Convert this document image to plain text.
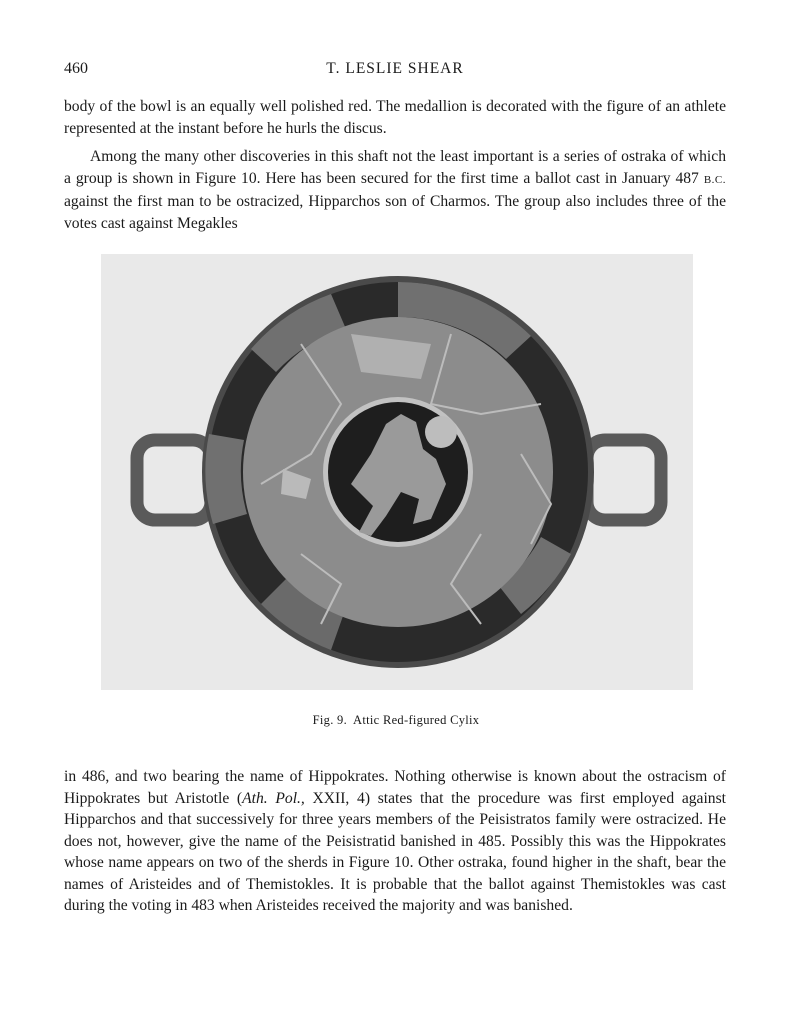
460	T. LESLIE SHEAR

body of the bowl is an equally well polished red. The medallion is decorated with the figure of an athlete represented at the instant before he hurls the discus.

Among the many other discoveries in this shaft not the least important is a series of ostraka of which a group is shown in Figure 10. Here has been secured for the first time a ballot cast in January 487 B.C. against the first man to be ostracized, Hipparchos son of Charmos. The group also includes three of the votes cast against Megakles

Fig. 9. Attic Red-figured Cylix

in 486, and two bearing the name of Hippokrates. Nothing otherwise is known about the ostracism of Hippokrates but Aristotle (Ath. Pol., XXII, 4) states that the procedure was first employed against Hipparchos and that successively for three years members of the Peisistratos family were ostracized. He does not, however, give the name of the Peisistratid banished in 485. Possibly this was the Hippokrates whose name appears on two of the sherds in Figure 10. Other ostraka, found higher in the shaft, bear the names of Aristeides and of Themistokles. It is probable that the ballot against Themistokles was cast during the voting in 483 when Aristeides received the majority and was banished.
